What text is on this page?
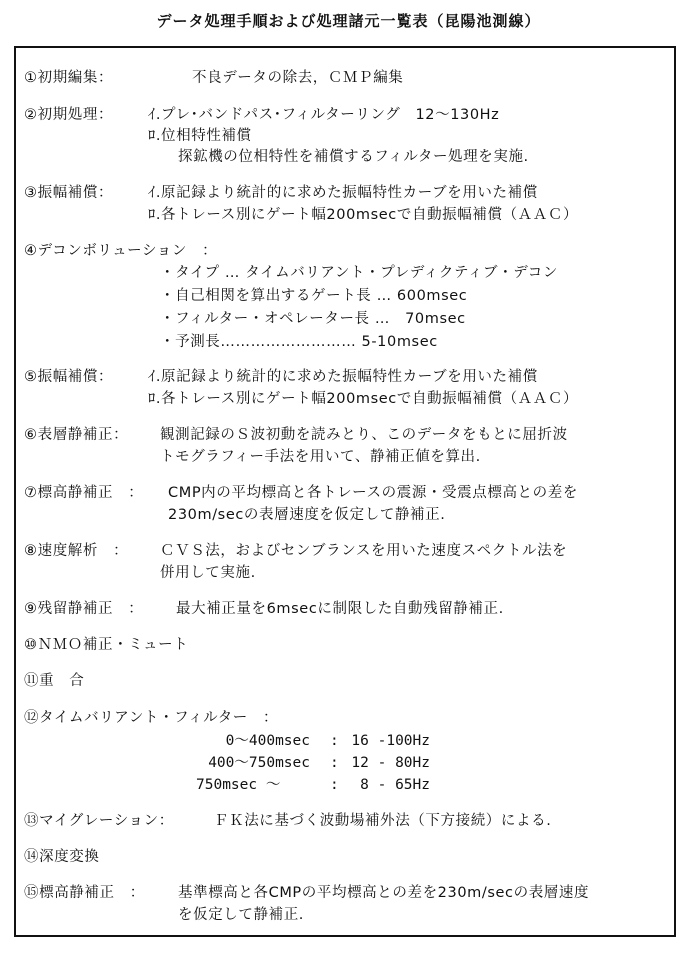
データ処理手順および処理諸元一覧表（昆陽池測線）
①初期編集：	不良データの除去，ＣＭＰ編集
②初期処理： ｲ.プレ･バンドパス･フィルターリング　12～130Hz
ﾛ.位相特性補償
探鉱機の位相特性を補償するフィルター処理を実施.
③振幅補償： ｲ.原記録より統計的に求めた振幅特性カーブを用いた補償
ﾛ.各トレース別にゲート幅200msecで自動振幅補償（ＡＡＣ）
④デコンボリューション　：
・タイプ … タイムバリアント・プレディクティブ・デコン
・自己相関を算出するゲート長 … 600msec
・フィルター・オペレーター長 …　70msec
・予測長……………………… 5-10msec
⑤振幅補償： ｲ.原記録より統計的に求めた振幅特性カーブを用いた補償
ﾛ.各トレース別にゲート幅200msecで自動振幅補償（ＡＡＣ）
⑥表層静補正： 観測記録のＳ波初動を読みとり、このデータをもとに屈折波
トモグラフィー手法を用いて、静補正値を算出.
⑦標高静補正　： CMP内の平均標高と各トレースの震源・受震点標高との差を
230m/secの表層速度を仮定して静補正.
⑧速度解析　： ＣＶＳ法，およびセンブランスを用いた速度スペクトル法を
併用して実施.
⑨残留静補正　： 最大補正量を6msecに制限した自動残留静補正.
⑩ＮＭＯ補正・ミュート
⑪重　合
⑫タイムバリアント・フィルター　：
0～400msec : 16 -100Hz
400～750msec : 12 - 80Hz
750msec ～	:	8 - 65Hz
⑬マイグレーション：	ＦＫ法に基づく波動場補外法（下方接続）による.
⑭深度変換
⑮標高静補正　： 基準標高と各CMPの平均標高との差を230m/secの表層速度
を仮定して静補正.
